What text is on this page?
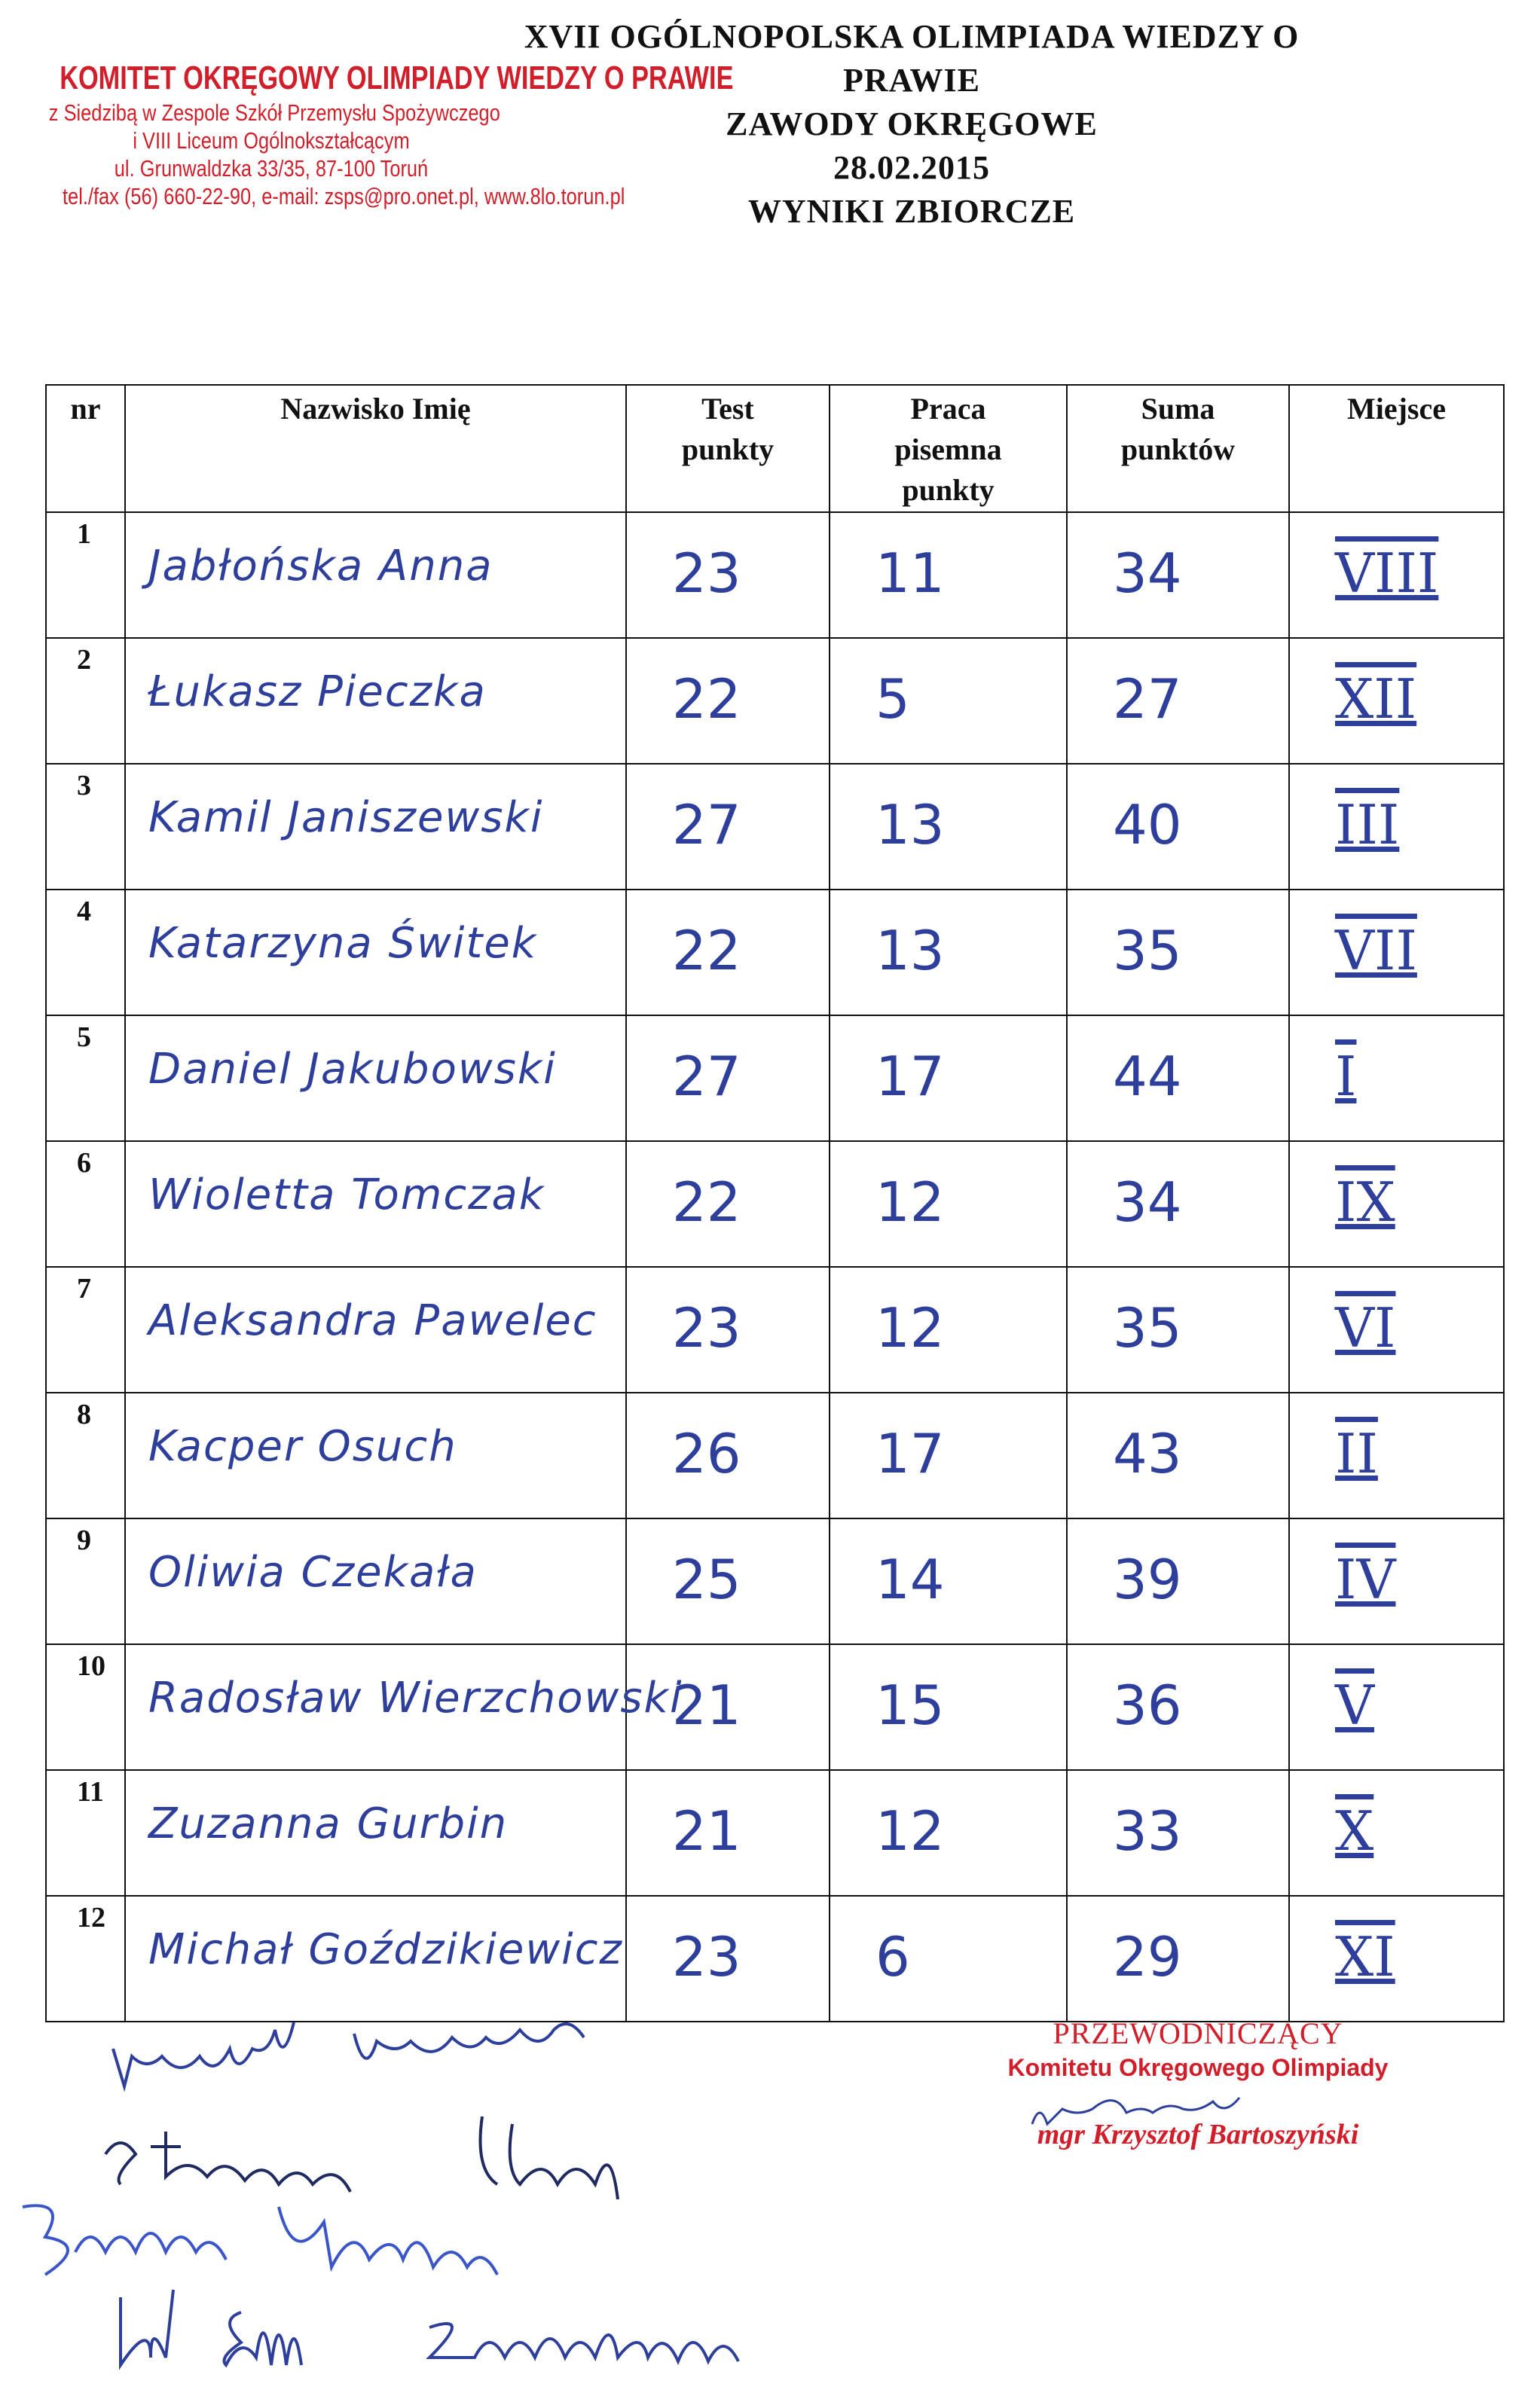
KOMITET OKRĘGOWY OLIMPIADY WIEDZY O PRAWIE
z Siedzibą w Zespole Szkół Przemysłu Spożywczego
i VIII Liceum Ogólnokształcącym
ul. Grunwaldzka 33/35, 87-100 Toruń
tel./fax (56) 660-22-90, e-mail: zsps@pro.onet.pl, www.8lo.torun.pl
XVII OGÓLNOPOLSKA OLIMPIADA WIEDZY O PRAWIE
ZAWODY OKRĘGOWE
28.02.2015
WYNIKI ZBIORCZE
nr	Nazwisko Imię	Test punkty	Praca pisemna punkty	Suma punktów	Miejsce
1	Jabłońska Anna	23	11	34	VIII

2	Łukasz Pieczka	22	5	27	XII

3	Kamil Janiszewski	27	13	40	III

4	Katarzyna Świtek	22	13	35	VII

5	Daniel Jakubowski	27	17	44	I

6	Wioletta Tomczak	22	12	34	IX

7	Aleksandra Pawelec	23	12	35	VI

8	Kacper Osuch	26	17	43	II

9	Oliwia Czekała	25	14	39	IV

10	Radosław Wierzchowski	21	15	36	V

11	Zuzanna Gurbin	21	12	33	X

12	Michał Goździkiewicz	23	6	29	XI
PRZEWODNICZĄCY
Komitetu Okręgowego Olimpiady
mgr Krzysztof Bartoszyński
